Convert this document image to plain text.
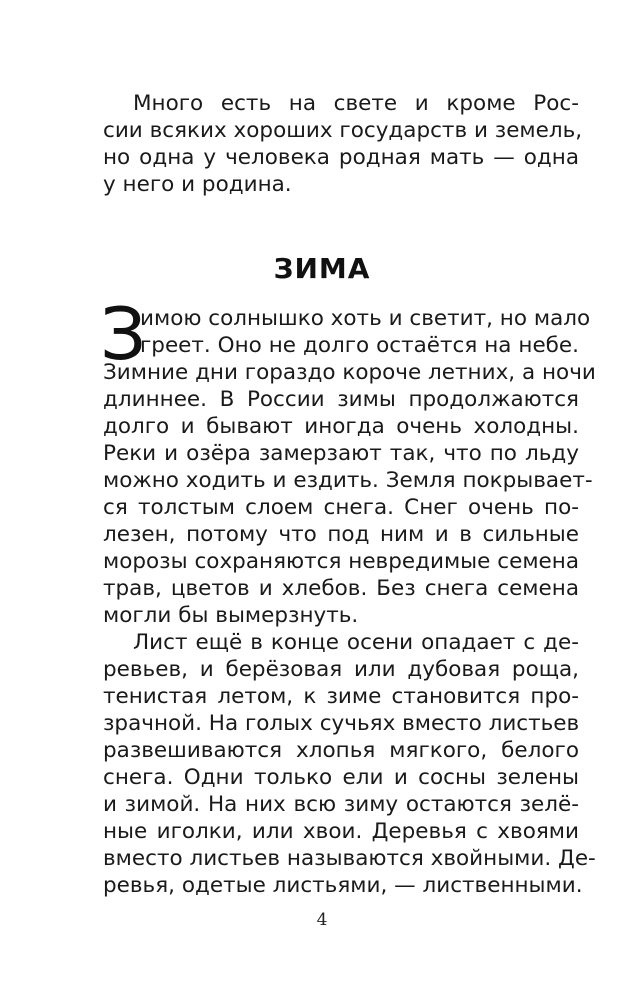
Много есть на свете и кроме Рос-
сии всяких хороших государств и земель,
но одна у человека родная мать — одна
у него и родина.
ЗИМА
З
имою солнышко хоть и светит, но мало
греет. Оно не долго остаётся на небе.
Зимние дни гораздо короче летних, а ночи
длиннее. В России зимы продолжаются
долго и бывают иногда очень холодны.
Реки и озёра замерзают так, что по льду
можно ходить и ездить. Земля покрывает-
ся толстым слоем снега. Снег очень по-
лезен, потому что под ним и в сильные
морозы сохраняются невредимые семена
трав, цветов и хлебов. Без снега семена
могли бы вымерзнуть.
Лист ещё в конце осени опадает с де-
ревьев, и берёзовая или дубовая роща,
тенистая летом, к зиме становится про-
зрачной. На голых сучьях вместо листьев
развешиваются хлопья мягкого, белого
снега. Одни только ели и сосны зелены
и зимой. На них всю зиму остаются зелё-
ные иголки, или хвои. Деревья с хвоями
вместо листьев называются хвойными. Де-
ревья, одетые листьями, — лиственными.
4
